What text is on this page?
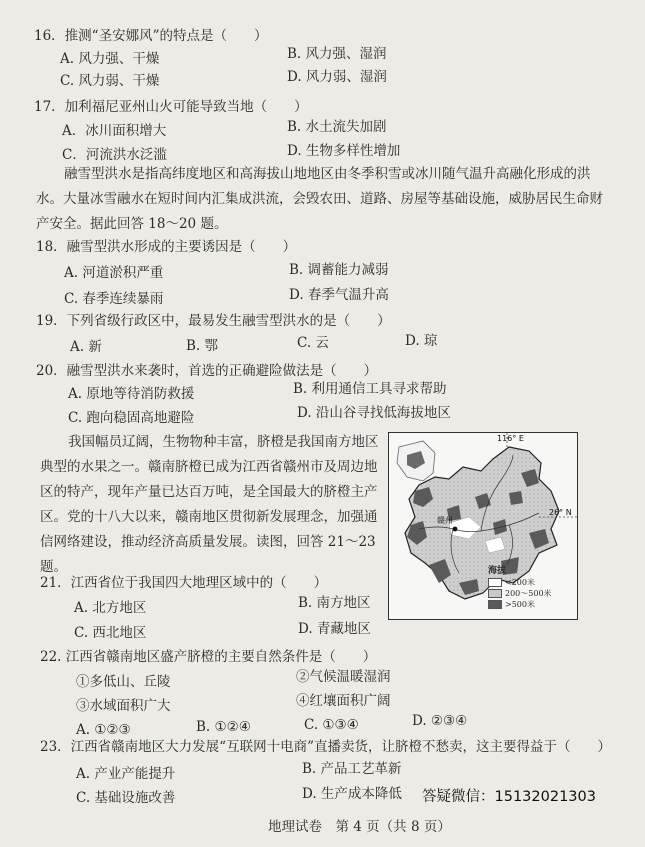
16．推测“圣安娜风”的特点是（　　）
A. 风力强、干燥	B. 风力强、湿润
C. 风力弱、干燥	D. 风力弱、湿润
17．加利福尼亚州山火可能导致当地（　　）
A．冰川面积增大	B. 水土流失加剧
C．河流洪水泛滥	D. 生物多样性增加
融雪型洪水是指高纬度地区和高海拔山地地区由冬季积雪或冰川随气温升高融化形成的洪水。大量冰雪融水在短时间内汇集成洪流，会毁农田、道路、房屋等基础设施，威胁居民生命财产安全。据此回答 18～20 题。
18．融雪型洪水形成的主要诱因是（　　）
A. 河道淤积严重	B. 调蓄能力减弱
C. 春季连续暴雨	D. 春季气温升高
19．下列省级行政区中，最易发生融雪型洪水的是（　　）
A. 新	B. 鄂	C. 云	D. 琼
20．融雪型洪水来袭时，首选的正确避险做法是（　　）
A. 原地等待消防救援	B. 利用通信工具寻求帮助
C. 跑向稳固高地避险	D. 沿山谷寻找低海拔地区
我国幅员辽阔，生物物种丰富，脐橙是我国南方地区典型的水果之一。赣南脐橙已成为江西省赣州市及周边地区的特产，现年产量已达百万吨，是全国最大的脐橙主产区。党的十八大以来，赣南地区贯彻新发展理念，加强通信网络建设，推动经济高质量发展。读图，回答 21～23 题。
116° E
26° N
赣州
海拔
<200米
200～500米
>500米
21．江西省位于我国四大地理区域中的（　　）
A. 北方地区	B. 南方地区
C. 西北地区	D. 青藏地区
22. 江西省赣南地区盛产脐橙的主要自然条件是（　　）
①多低山、丘陵	②气候温暖湿润
③水域面积广大	④红壤面积广阔
A. ①②③	B. ①②④	C. ①③④	D. ②③④
23．江西省赣南地区大力发展“互联网十电商”直播卖货，让脐橙不愁卖，这主要得益于（　　）
A. 产业产能提升	B. 产品工艺革新
C. 基础设施改善	D. 生产成本降低 答疑微信：15132021303
地理试卷　第 4 页（共 8 页）
